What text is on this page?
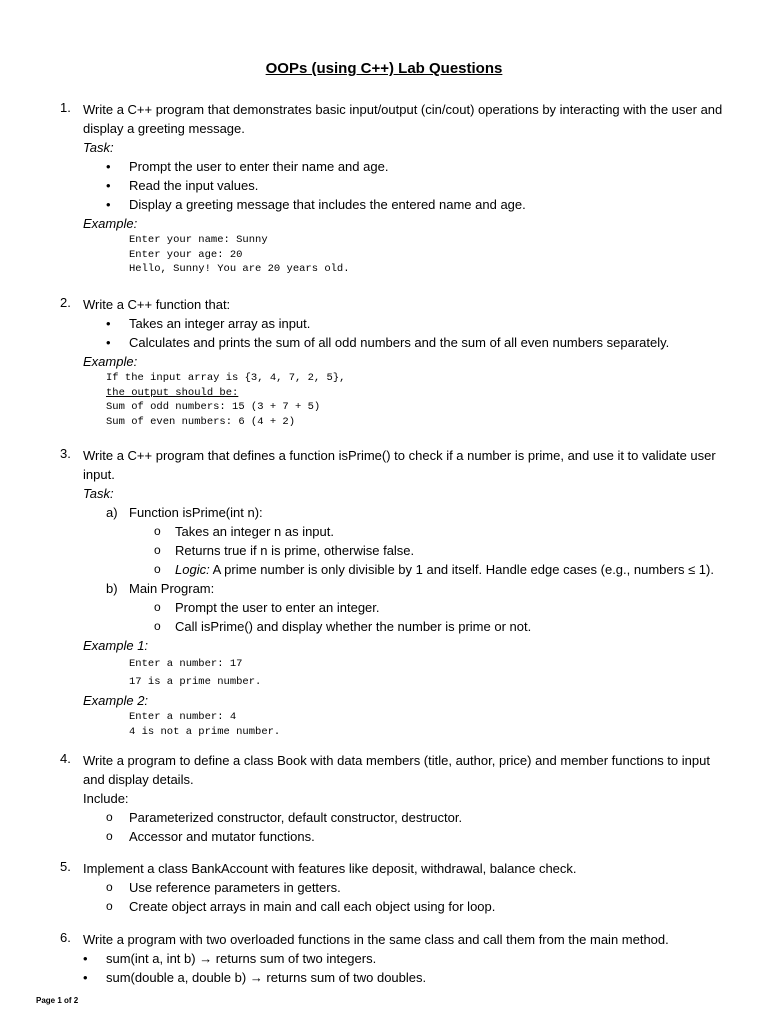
OOPs (using C++) Lab Questions
1. Write a C++ program that demonstrates basic input/output (cin/cout) operations by interacting with the user and display a greeting message.
Task:
• Prompt the user to enter their name and age.
• Read the input values.
• Display a greeting message that includes the entered name and age.
Example:
Enter your name: Sunny
Enter your age: 20
Hello, Sunny! You are 20 years old.
2. Write a C++ function that:
• Takes an integer array as input.
• Calculates and prints the sum of all odd numbers and the sum of all even numbers separately.
Example:
If the input array is {3, 4, 7, 2, 5},
the output should be:
Sum of odd numbers: 15 (3 + 7 + 5)
Sum of even numbers: 6 (4 + 2)
3. Write a C++ program that defines a function isPrime() to check if a number is prime, and use it to validate user input.
Task:
a) Function isPrime(int n):
o Takes an integer n as input.
o Returns true if n is prime, otherwise false.
o Logic: A prime number is only divisible by 1 and itself. Handle edge cases (e.g., numbers ≤ 1).
b) Main Program:
o Prompt the user to enter an integer.
o Call isPrime() and display whether the number is prime or not.
Example 1:
Enter a number: 17
17 is a prime number.
Example 2:
Enter a number: 4
4 is not a prime number.
4. Write a program to define a class Book with data members (title, author, price) and member functions to input and display details.
Include:
o Parameterized constructor, default constructor, destructor.
o Accessor and mutator functions.
5. Implement a class BankAccount with features like deposit, withdrawal, balance check.
o Use reference parameters in getters.
o Create object arrays in main and call each object using for loop.
6. Write a program with two overloaded functions in the same class and call them from the main method.
• sum(int a, int b) → returns sum of two integers.
• sum(double a, double b) → returns sum of two doubles.
Page 1 of 2
